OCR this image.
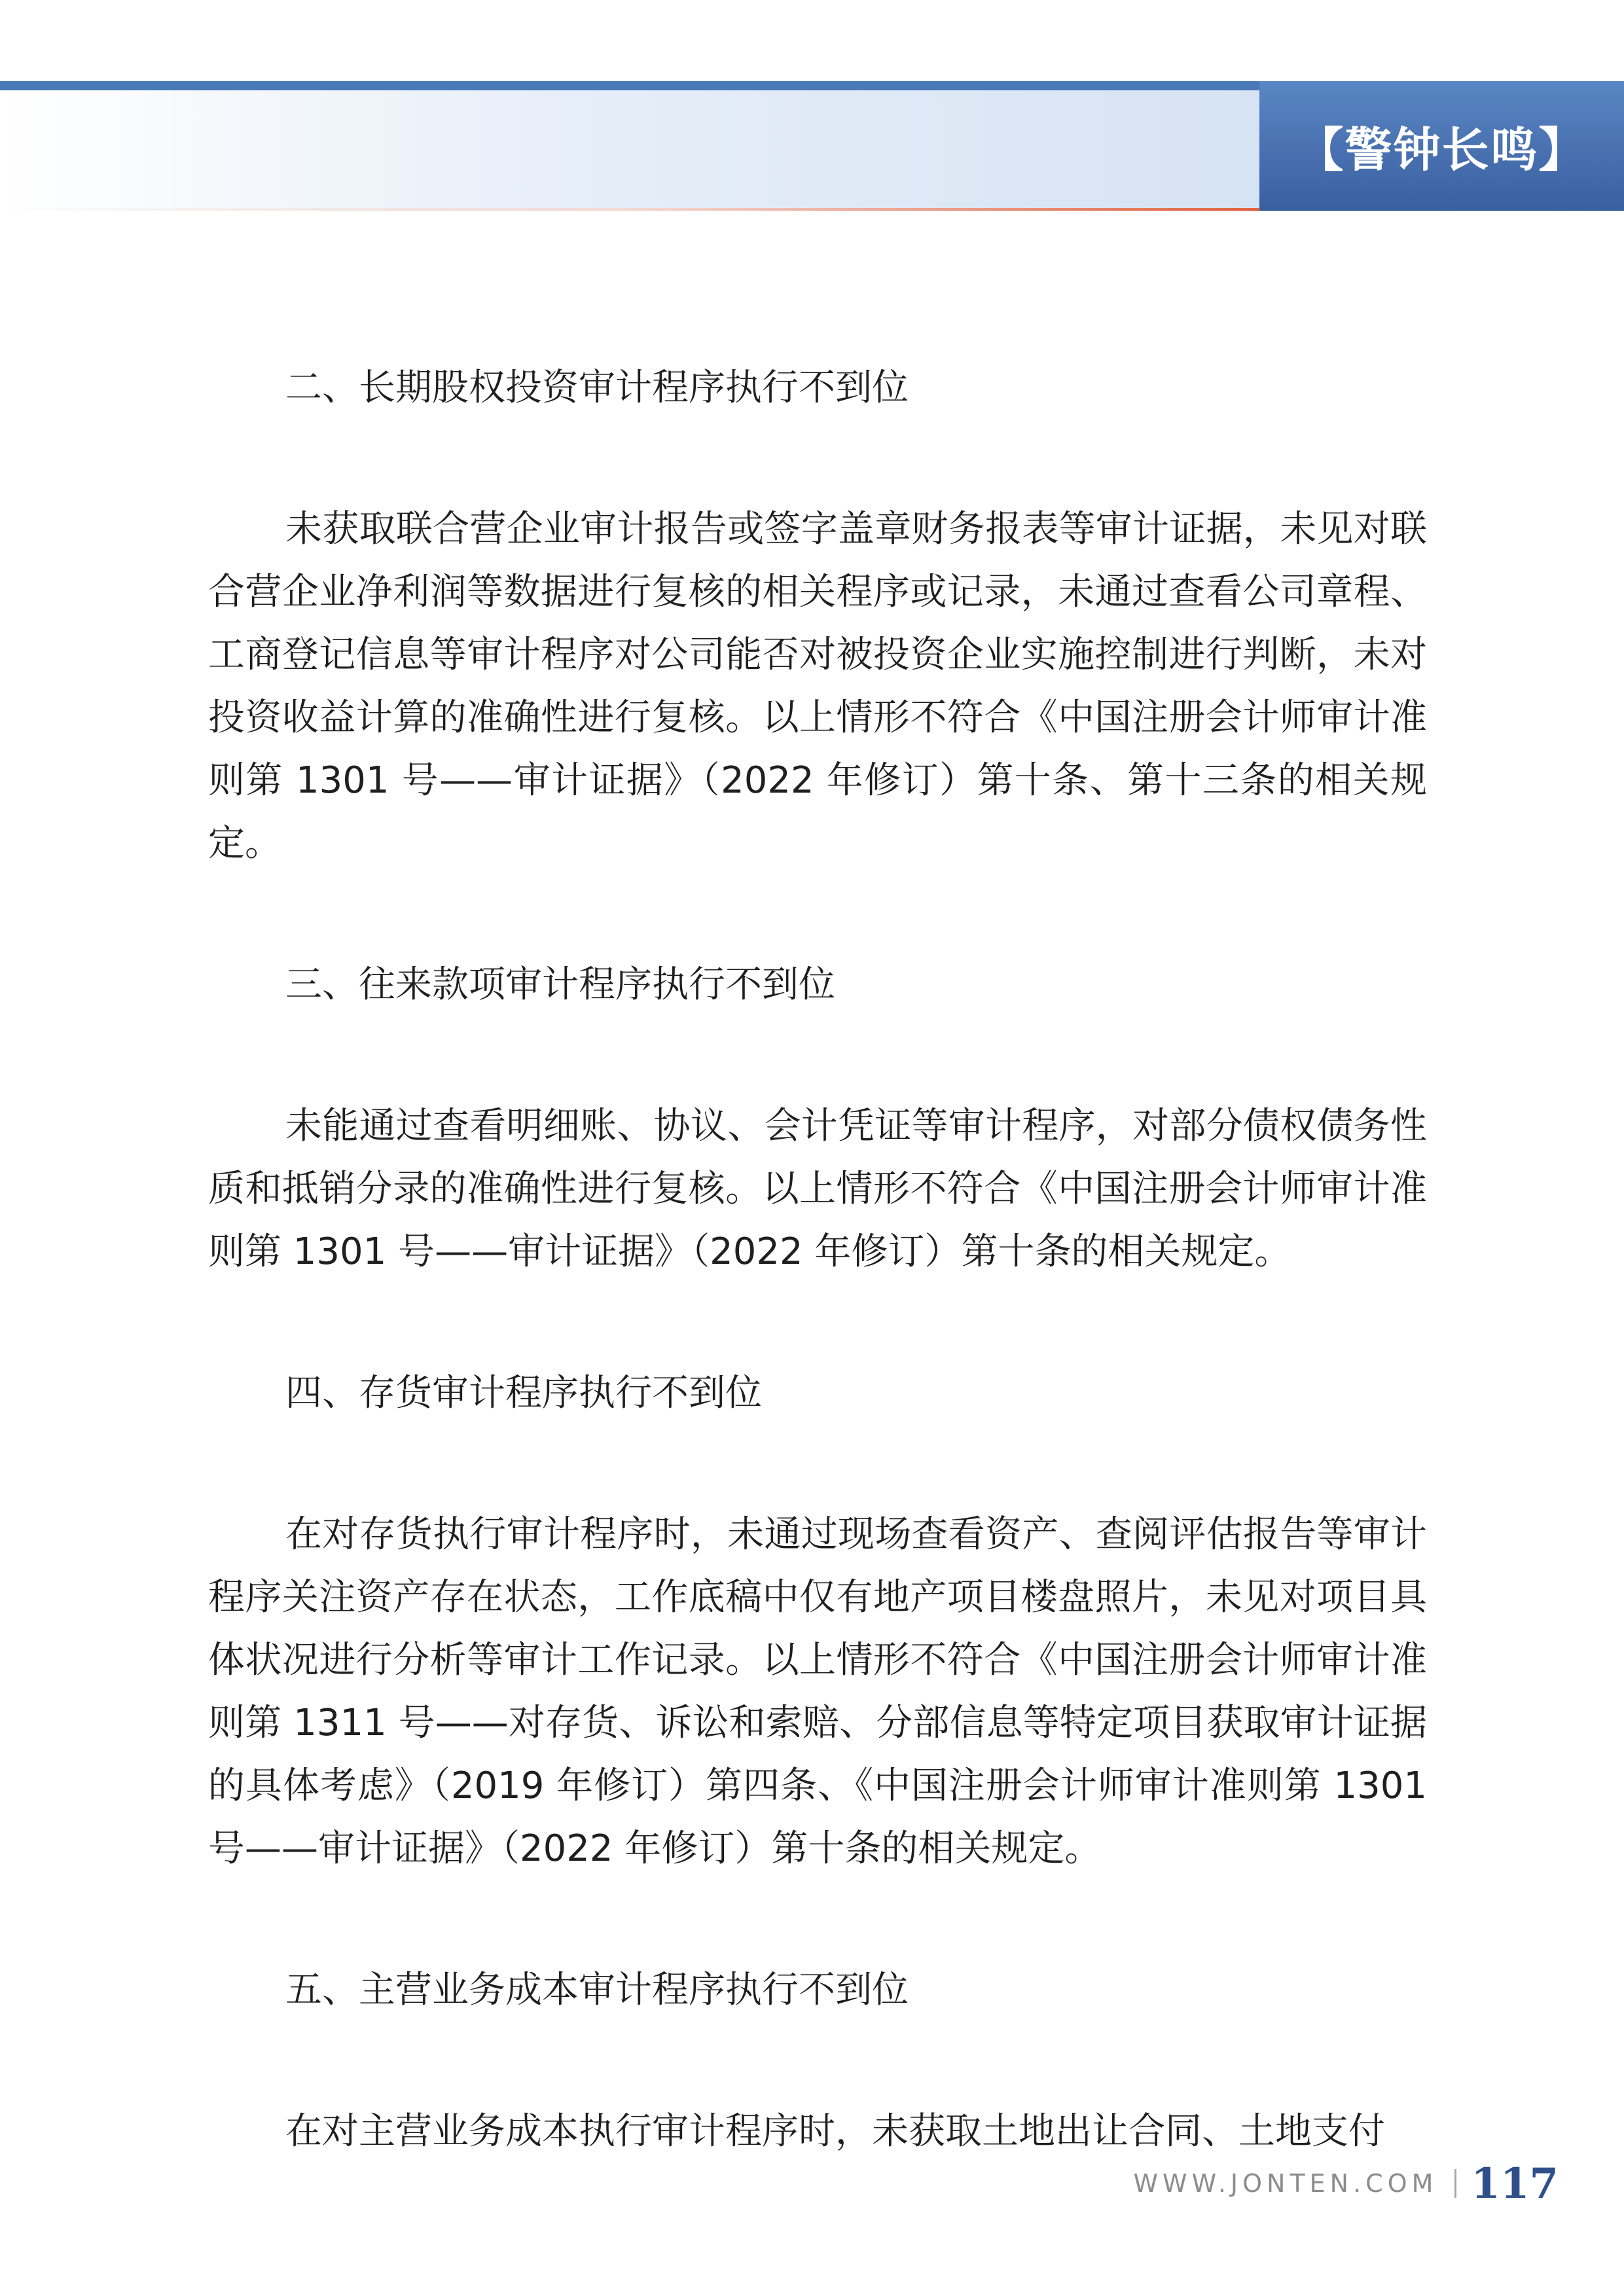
【警钟长鸣】

二、长期股权投资审计程序执行不到位

未获取联合营企业审计报告或签字盖章财务报表等审计证据，未见对联合营企业净利润等数据进行复核的相关程序或记录，未通过查看公司章程、工商登记信息等审计程序对公司能否对被投资企业实施控制进行判断，未对投资收益计算的准确性进行复核。以上情形不符合《中国注册会计师审计准则第 1301 号——审计证据》（2022 年修订）第十条、第十三条的相关规定。

三、往来款项审计程序执行不到位

未能通过查看明细账、协议、会计凭证等审计程序，对部分债权债务性质和抵销分录的准确性进行复核。以上情形不符合《中国注册会计师审计准则第 1301 号——审计证据》（2022 年修订）第十条的相关规定。

四、存货审计程序执行不到位

在对存货执行审计程序时，未通过现场查看资产、查阅评估报告等审计程序关注资产存在状态，工作底稿中仅有地产项目楼盘照片，未见对项目具体状况进行分析等审计工作记录。以上情形不符合《中国注册会计师审计准则第 1311 号——对存货、诉讼和索赔、分部信息等特定项目获取审计证据的具体考虑》（2019 年修订）第四条、《中国注册会计师审计准则第 1301 号——审计证据》（2022 年修订）第十条的相关规定。

五、主营业务成本审计程序执行不到位

在对主营业务成本执行审计程序时，未获取土地出让合同、土地支付

WWW.JONTEN.COM 117
